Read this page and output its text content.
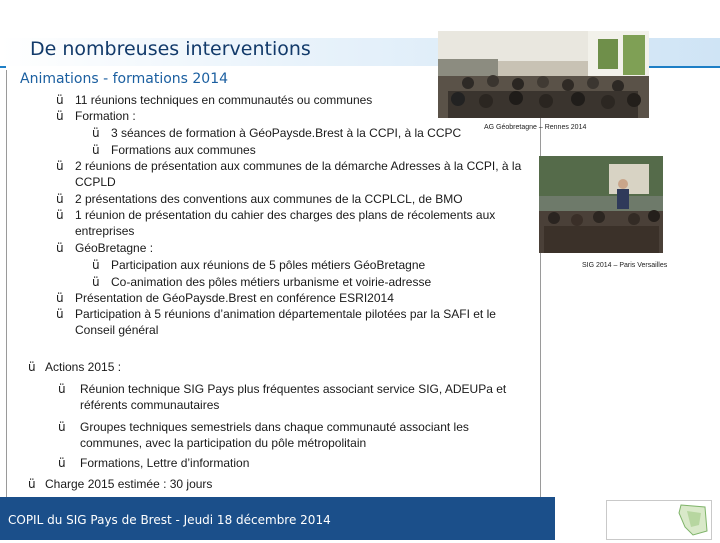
De nombreuses interventions
Animations - formations 2014
ü 11 réunions techniques en communautés ou communes
ü Formation :
ü 3 séances de formation à GéoPaysde.Brest à la CCPI, à la CCPC
ü Formations aux communes
ü 2 réunions de présentation aux communes de la démarche Adresses à la CCPI, à la CCPLD
ü 2 présentations des conventions aux communes de la CCPLCL, de BMO
ü 1 réunion de présentation du cahier des charges des plans de récolements aux entreprises
ü GéoBretagne :
ü Participation aux réunions de 5 pôles métiers GéoBretagne
ü Co-animation des pôles métiers urbanisme et voirie-adresse
ü Présentation de GéoPaysde.Brest en conférence ESRI2014
ü Participation à 5 réunions d’animation départementale pilotées par la SAFI et le Conseil général
ü Actions 2015 :
ü Réunion technique SIG Pays plus fréquentes associant service SIG, ADEUPa et référents communautaires
ü Groupes techniques semestriels dans chaque communauté associant les communes, avec la participation du pôle métropolitain
ü Formations, Lettre d’information
ü Charge 2015 estimée : 30 jours
AG Géobretagne – Rennes 2014
SIG 2014 – Paris Versailles
COPIL du SIG Pays de Brest - Jeudi 18 décembre 2014
